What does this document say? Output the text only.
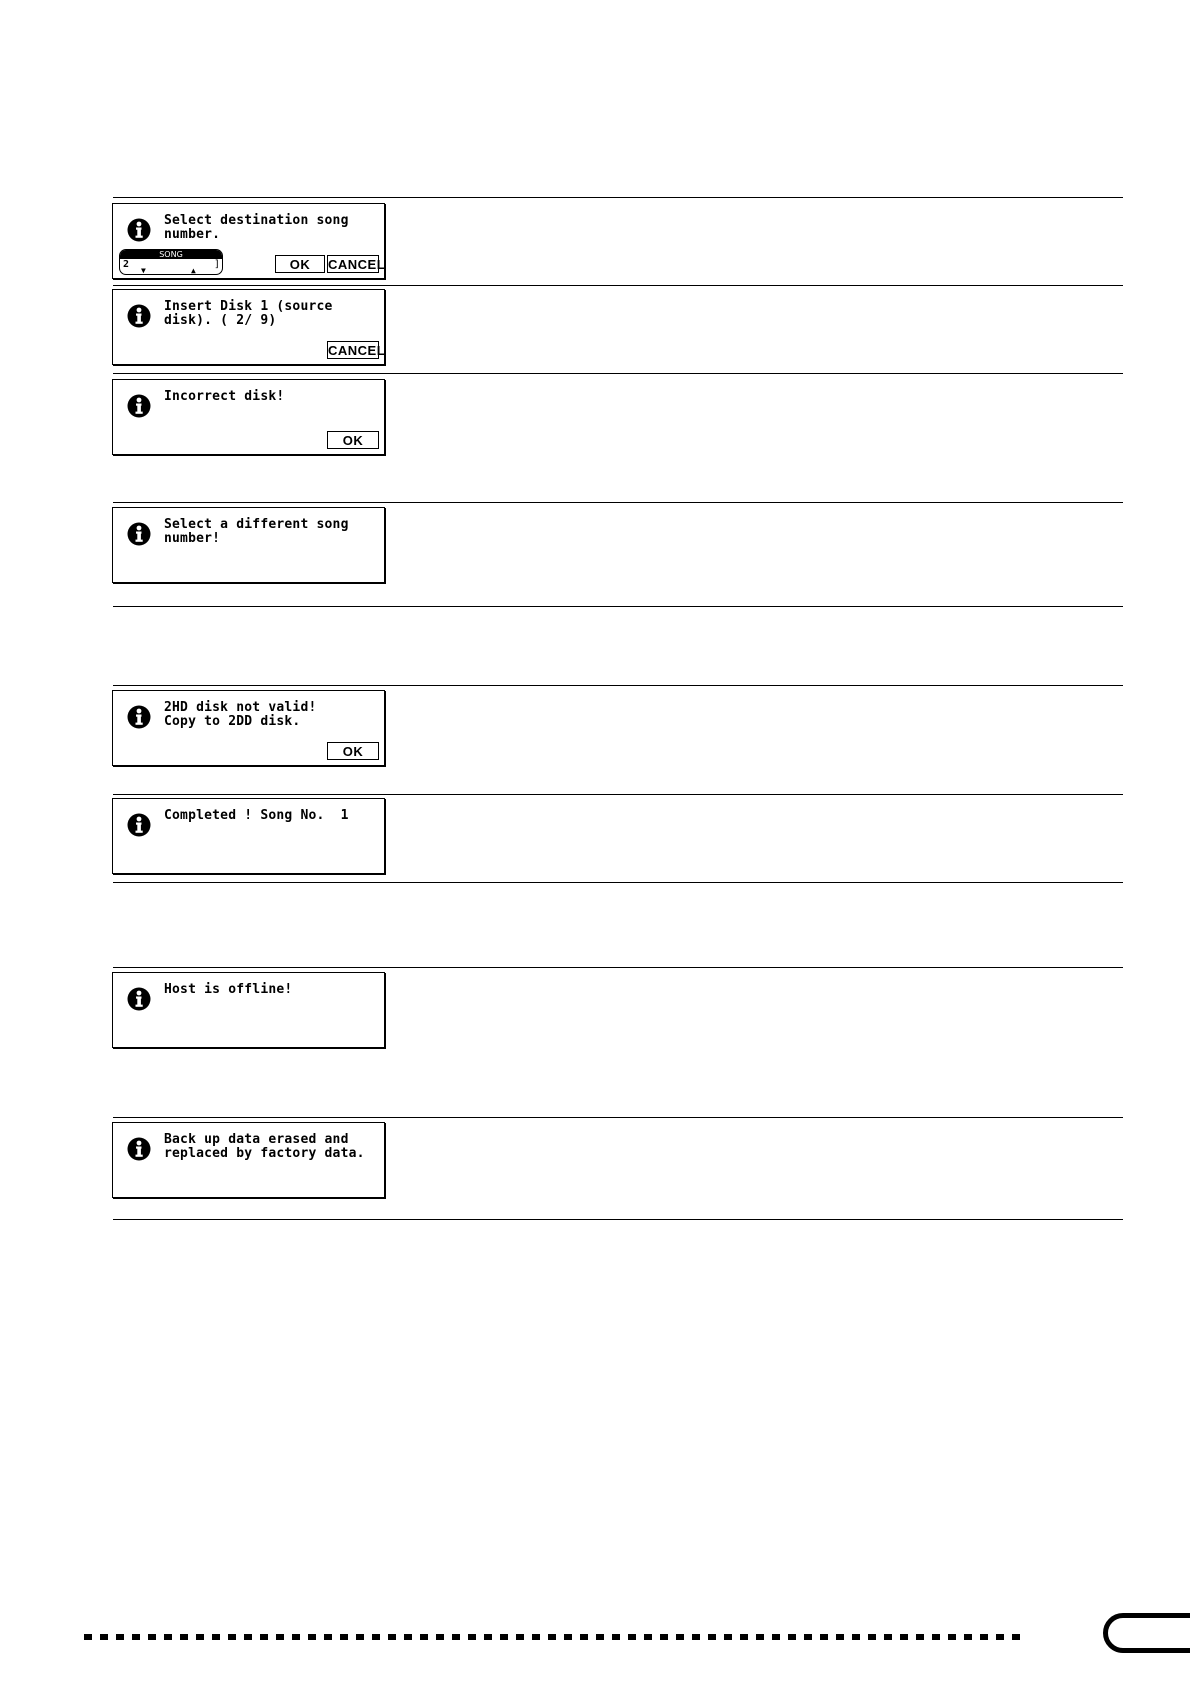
Select destination song
number.
SONG
2	]
▼	▲	OK	CANCEL
Insert Disk 1 (source
disk). ( 2/ 9)
CANCEL
Incorrect disk!
OK
Select a different song
number!
2HD disk not valid!
Copy to 2DD disk.
OK
Completed ! Song No.  1
Host is offline!
Back up data erased and
replaced by factory data.
